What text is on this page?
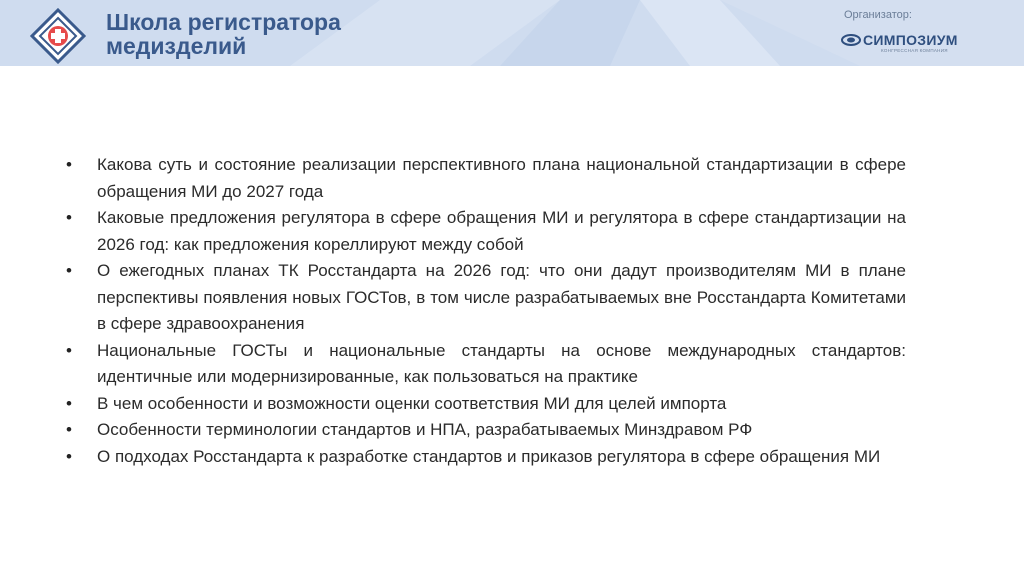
Школа регистратора
медизделий
Организатор:
СИМПОЗИУМ
КОНГРЕССНАЯ КОМПАНИЯ
•	Какова суть и состояние реализации перспективного плана национальной стандартизации в сфере обращения МИ до 2027 года
•	Каковые предложения регулятора в сфере обращения МИ и регулятора в сфере стандартизации на 2026 год: как предложения кореллируют между собой
•	О ежегодных планах ТК Росстандарта на 2026 год: что они дадут производителям МИ в плане перспективы появления новых ГОСТов, в том числе разрабатываемых вне Росстандарта Комитетами в сфере здравоохранения
•	Национальные ГОСТы и национальные стандарты на основе международных стандартов: идентичные или модернизированные, как пользоваться на практике
•	В чем особенности и возможности оценки соответствия МИ для целей импорта
•	Особенности терминологии стандартов и НПА, разрабатываемых Минздравом РФ
•	О подходах Росстандарта к разработке стандартов и приказов регулятора в сфере обращения МИ
